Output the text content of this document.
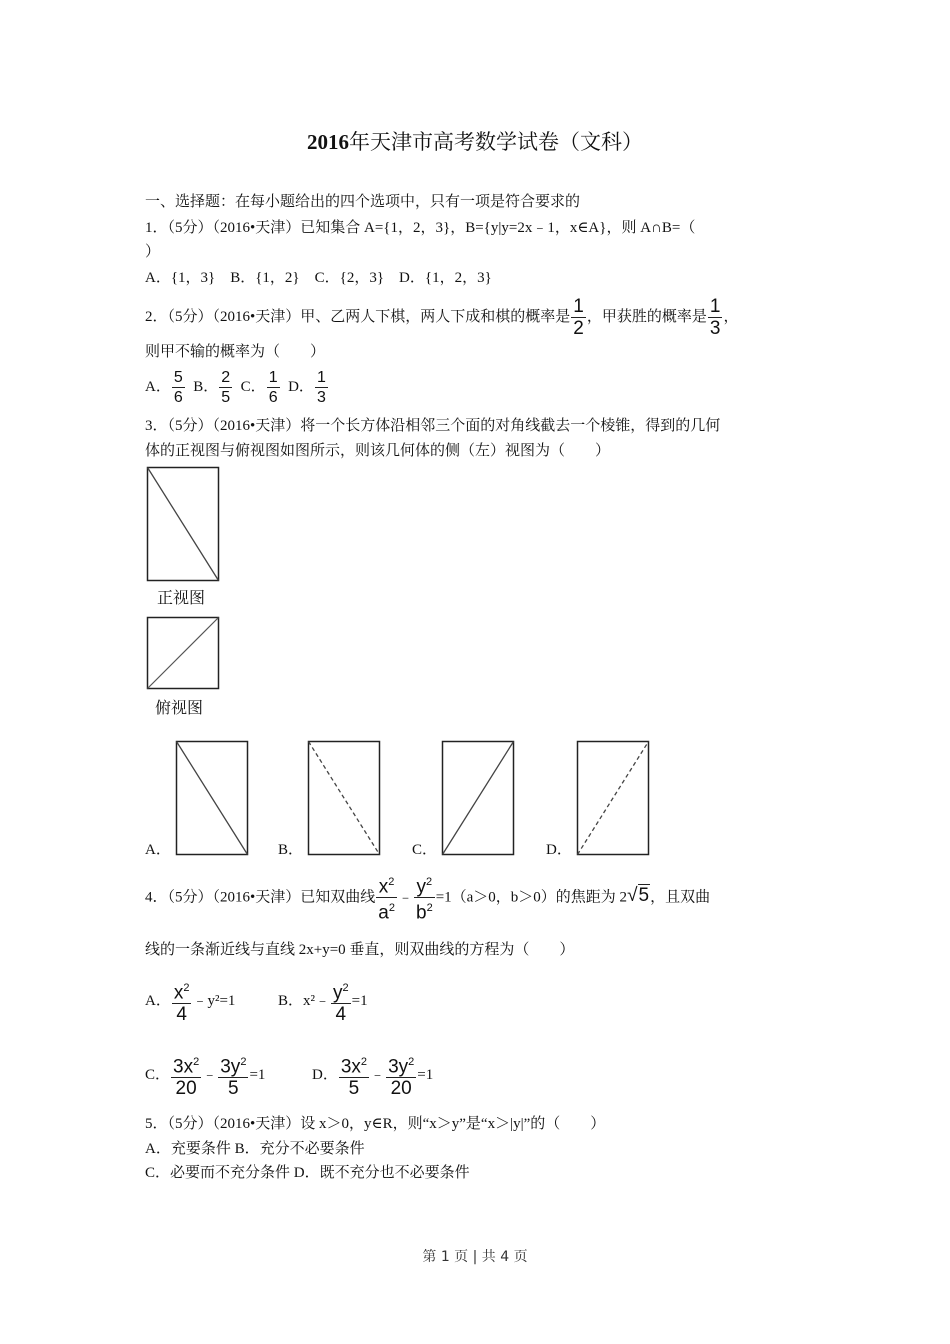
2016年天津市高考数学试卷（文科）
一、选择题：在每小题给出的四个选项中，只有一项是符合要求的
1．（5分）（2016•天津）已知集合 A={1，2，3}，B={y|y=2x﹣1，x∈A}，则 A∩B=（
）
A．{1，3}　B．{1，2}　C．{2，3}　D．{1，2，3}
2．（5分）（2016•天津）甲、乙两人下棋，两人下成和棋的概率是 $\frac{1}{2}$ ，甲获胜的概率是 $\frac{1}{3}$ ，
则甲不输的概率为（　　）
A． $\frac{5}{6}$ B． $\frac{2}{5}$ C． $\frac{1}{6}$ D． $\frac{1}{3}$
3．（5分）（2016•天津）将一个长方体沿相邻三个面的对角线截去一个棱锥，得到的几何
体的正视图与俯视图如图所示，则该几何体的侧（左）视图为（　　）
正视图
俯视图
A．	B．	C．	D．
4．（5分）（2016•天津）已知双曲线 $\frac{x^2}{a^2}$ ﹣ $\frac{y^2}{b^2} =1(a>0$，b＞0）的焦距为 2√5，且双曲
线的一条渐近线与直线 2x+y=0 垂直，则双曲线的方程为（　　）
A． $\frac{x^2}{4}$ ﹣y²=1	B．x²﹣ $\frac{y^2}{4} =1$
C． $\frac{3x^2}{20}$ ﹣ $\frac{3y^2}{5} =1$	D． $\frac{3x^2}{5}$ ﹣ $\frac{3y^2}{20} =1$
5．（5分）（2016•天津）设 x＞0，y∈R，则“x＞y”是“x＞|y|”的（　　）
A．充要条件 B．充分不必要条件
C．必要而不充分条件 D．既不充分也不必要条件
第 1 页 | 共 4 页
